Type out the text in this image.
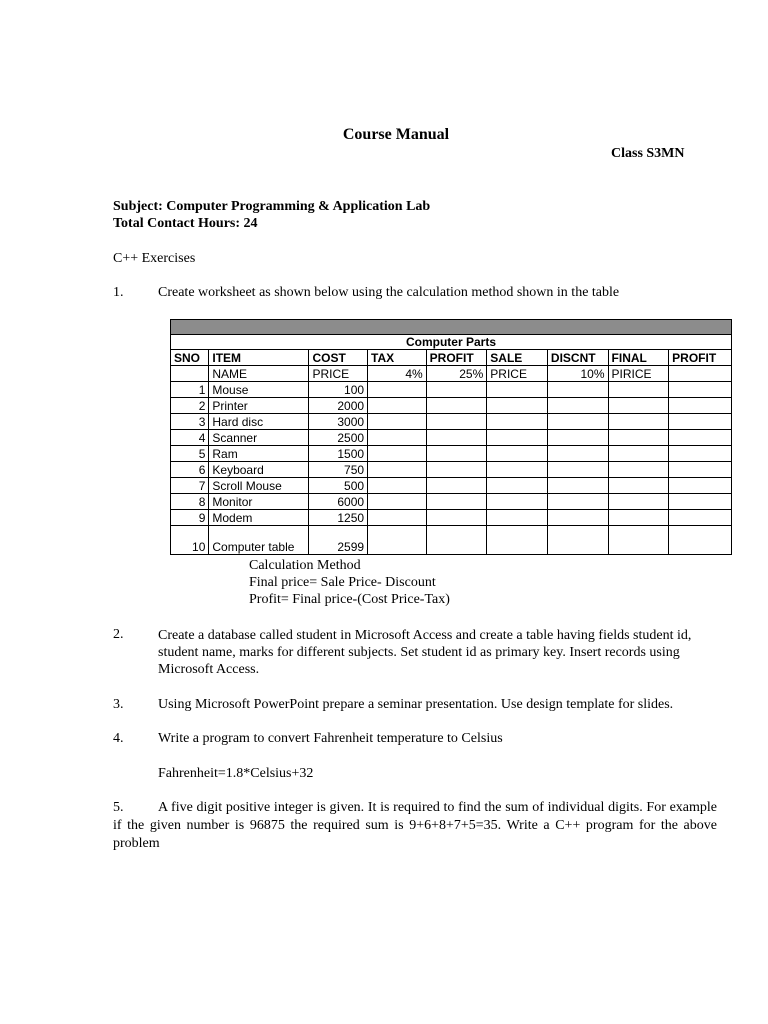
Course Manual
Class S3MN
Subject: Computer Programming & Application Lab
Total Contact Hours: 24
C++ Exercises
1. Create worksheet as shown below using the calculation method shown in the table

Computer Parts								
SNO	ITEM	COST	TAX	PROFIT	SALE	DISCNT	FINAL	PROFIT
	NAME	PRICE	4%	25%	PRICE	10%	PIRICE	
1	Mouse	100						
2	Printer	2000						
3	Hard disc	3000						
4	Scanner	2500						
5	Ram	1500						
6	Keyboard	750						
7	Scroll Mouse	500						
8	Monitor	6000						
9	Modem	1250						
10	Computer table	2599						
Calculation Method
Final price= Sale Price- Discount
Profit= Final price-(Cost Price-Tax)
2. Create a database called student in Microsoft Access and create a table having fields student id, student name, marks for different subjects. Set student id as primary key. Insert records using Microsoft Access.
3. Using Microsoft PowerPoint prepare a seminar presentation. Use design template for slides.
4. Write a program to convert Fahrenheit temperature to Celsius
Fahrenheit=1.8*Celsius+32
5. A five digit positive integer is given. It is required to find the sum of individual digits. For example if the given number is 96875 the required sum is 9+6+8+7+5=35. Write a C++ program for the above problem
